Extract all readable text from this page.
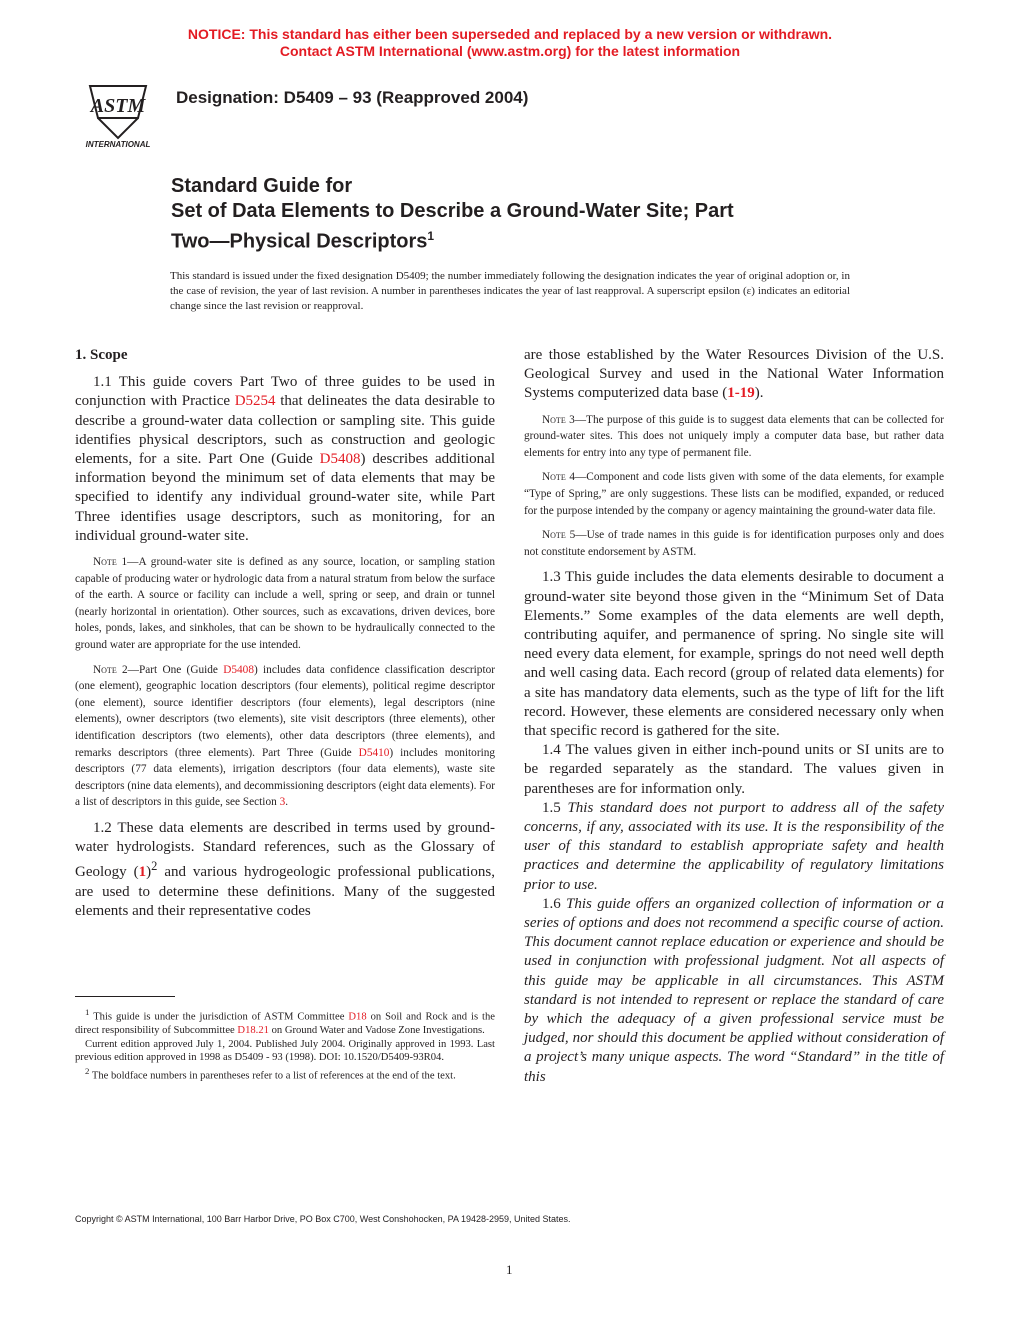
NOTICE: This standard has either been superseded and replaced by a new version or withdrawn.
Contact ASTM International (www.astm.org) for the latest information
ASTM
INTERNATIONAL
Designation: D5409 – 93 (Reapproved 2004)
Standard Guide for
Set of Data Elements to Describe a Ground-Water Site; Part
Two—Physical Descriptors$^1$
This standard is issued under the fixed designation D5409; the number immediately following the designation indicates the year of original adoption or, in the case of revision, the year of last revision. A number in parentheses indicates the year of last reapproval. A superscript epsilon (ε) indicates an editorial change since the last revision or reapproval.

1. Scope

1.1 This guide covers Part Two of three guides to be used in conjunction with Practice D5254 that delineates the data desirable to describe a ground-water data collection or sampling site. This guide identifies physical descriptors, such as construction and geologic elements, for a site. Part One (Guide D5408) describes additional information beyond the minimum set of data elements that may be specified to identify any individual ground-water site, while Part Three identifies usage descriptors, such as monitoring, for an individual ground-water site.

Note 1—A ground-water site is defined as any source, location, or sampling station capable of producing water or hydrologic data from a natural stratum from below the surface of the earth. A source or facility can include a well, spring or seep, and drain or tunnel (nearly horizontal in orientation). Other sources, such as excavations, driven devices, bore holes, ponds, lakes, and sinkholes, that can be shown to be hydraulically connected to the ground water are appropriate for the use intended.

Note 2—Part One (Guide D5408) includes data confidence classification descriptor (one element), geographic location descriptors (four elements), political regime descriptor (one element), source identifier descriptors (four elements), legal descriptors (nine elements), owner descriptors (two elements), site visit descriptors (three elements), other identification descriptors (two elements), other data descriptors (three elements), and remarks descriptors (three elements). Part Three (Guide D5410) includes monitoring descriptors (77 data elements), irrigation descriptors (four data elements), waste site descriptors (nine data elements), and decommissioning descriptors (eight data elements). For a list of descriptors in this guide, see Section 3.

1.2 These data elements are described in terms used by ground-water hydrologists. Standard references, such as the Glossary of Geology $(1)^2$ and various hydrogeologic professional publications, are used to determine these definitions. Many of the suggested elements and their representative codes

are those established by the Water Resources Division of the U.S. Geological Survey and used in the National Water Information Systems computerized data base (1-19).

Note 3—The purpose of this guide is to suggest data elements that can be collected for ground-water sites. This does not uniquely imply a computer data base, but rather data elements for entry into any type of permanent file.

Note 4—Component and code lists given with some of the data elements, for example “Type of Spring,” are only suggestions. These lists can be modified, expanded, or reduced for the purpose intended by the company or agency maintaining the ground-water data file.

Note 5—Use of trade names in this guide is for identification purposes only and does not constitute endorsement by ASTM.

1.3 This guide includes the data elements desirable to document a ground-water site beyond those given in the “Minimum Set of Data Elements.” Some examples of the data elements are well depth, contributing aquifer, and permanence of spring. No single site will need every data element, for example, springs do not need well depth and well casing data. Each record (group of related data elements) for a site has mandatory data elements, such as the type of lift for the lift record. However, these elements are considered necessary only when that specific record is gathered for the site.

1.4 The values given in either inch-pound units or SI units are to be regarded separately as the standard. The values given in parentheses are for information only.

1.5 This standard does not purport to address all of the safety concerns, if any, associated with its use. It is the responsibility of the user of this standard to establish appropriate safety and health practices and determine the applicability of regulatory limitations prior to use.

1.6 This guide offers an organized collection of information or a series of options and does not recommend a specific course of action. This document cannot replace education or experience and should be used in conjunction with professional judgment. Not all aspects of this guide may be applicable in all circumstances. This ASTM standard is not intended to represent or replace the standard of care by which the adequacy of a given professional service must be judged, nor should this document be applied without consideration of a project’s many unique aspects. The word “Standard” in the title of this

$^1$ This guide is under the jurisdiction of ASTM Committee D18 on Soil and Rock and is the direct responsibility of Subcommittee D18.21 on Ground Water and Vadose Zone Investigations.

Current edition approved July 1, 2004. Published July 2004. Originally approved in 1993. Last previous edition approved in 1998 as D5409 - 93 (1998). DOI: 10.1520/D5409-93R04.

$^2$ The boldface numbers in parentheses refer to a list of references at the end of the text.

Copyright © ASTM International, 100 Barr Harbor Drive, PO Box C700, West Conshohocken, PA 19428-2959, United States.
1
